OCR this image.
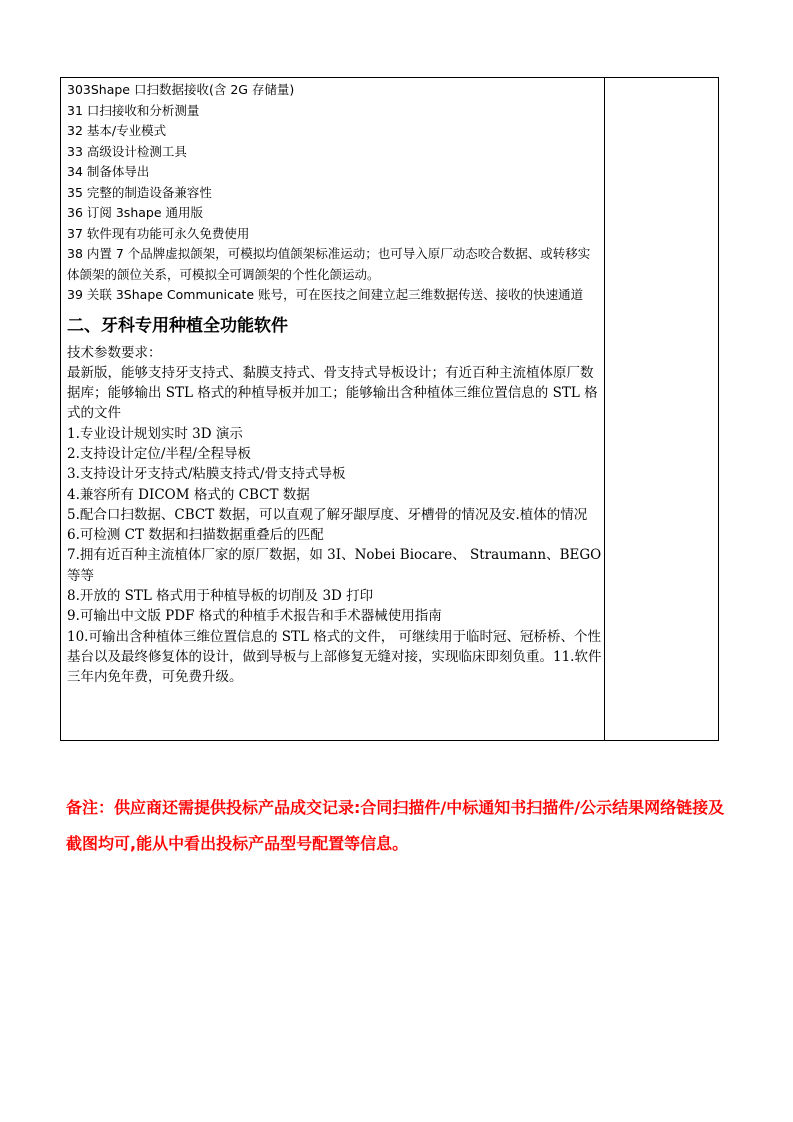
303Shape 口扫数据接收(含 2G 存储量)
31 口扫接收和分析测量
32 基本/专业模式
33 高级设计检测工具
34 制备体导出
35 完整的制造设备兼容性
36 订阅 3shape 通用版
37 软件现有功能可永久免费使用
38 内置 7 个品牌虚拟颌架，可模拟均值颌架标准运动；也可导入原厂动态咬合数据、或转移实体颌架的颌位关系，可模拟全可调颌架的个性化颌运动。
39 关联 3Shape Communicate 账号，可在医技之间建立起三维数据传送、接收的快速通道
二、牙科专用种植全功能软件
技术参数要求：
最新版，能够支持牙支持式、黏膜支持式、骨支持式导板设计；有近百种主流植体原厂数据库；能够输出 STL 格式的种植导板并加工；能够输出含种植体三维位置信息的 STL 格式的文件
1.专业设计规划实时 3D 演示
2.支持设计定位/半程/全程导板
3.支持设计牙支持式/粘膜支持式/骨支持式导板
4.兼容所有 DICOM 格式的 CBCT 数据
5.配合口扫数据、CBCT 数据，可以直观了解牙龈厚度、牙槽骨的情况及安.植体的情况
6.可检测 CT 数据和扫描数据重叠后的匹配
7.拥有近百种主流植体厂家的原厂数据，如 3I、Nobei Biocare、 Straumann、BEGO 等等
8.开放的 STL 格式用于种植导板的切削及 3D 打印
9.可输出中文版 PDF 格式的种植手术报告和手术器械使用指南
10.可输出含种植体三维位置信息的 STL 格式的文件， 可继续用于临时冠、冠桥桥、个性基台以及最终修复体的设计，做到导板与上部修复无缝对接，实现临床即刻负重。11.软件三年内免年费，可免费升级。
备注：供应商还需提供投标产品成交记录:合同扫描件/中标通知书扫描件/公示结果网络链接及截图均可,能从中看出投标产品型号配置等信息。
